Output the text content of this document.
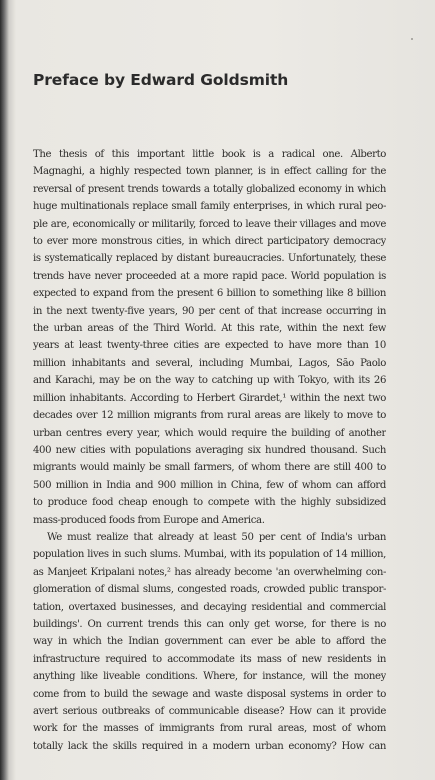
Preface by Edward Goldsmith
The thesis of this important little book is a radical one. Alberto
Magnaghi, a highly respected town planner, is in effect calling for the
reversal of present trends towards a totally globalized economy in which
huge multinationals replace small family enterprises, in which rural peo-
ple are, economically or militarily, forced to leave their villages and move
to ever more monstrous cities, in which direct participatory democracy
is systematically replaced by distant bureaucracies. Unfortunately, these
trends have never proceeded at a more rapid pace. World population is
expected to expand from the present 6 billion to something like 8 billion
in the next twenty-five years, 90 per cent of that increase occurring in
the urban areas of the Third World. At this rate, within the next few
years at least twenty-three cities are expected to have more than 10
million inhabitants and several, including Mumbai, Lagos, São Paolo
and Karachi, may be on the way to catching up with Tokyo, with its 26
million inhabitants. According to Herbert Girardet,¹ within the next two
decades over 12 million migrants from rural areas are likely to move to
urban centres every year, which would require the building of another
400 new cities with populations averaging six hundred thousand. Such
migrants would mainly be small farmers, of whom there are still 400 to
500 million in India and 900 million in China, few of whom can afford
to produce food cheap enough to compete with the highly subsidized
mass-produced foods from Europe and America.
We must realize that already at least 50 per cent of India's urban
population lives in such slums. Mumbai, with its population of 14 million,
as Manjeet Kripalani notes,² has already become 'an overwhelming con-
glomeration of dismal slums, congested roads, crowded public transpor-
tation, overtaxed businesses, and decaying residential and commercial
buildings'. On current trends this can only get worse, for there is no
way in which the Indian government can ever be able to afford the
infrastructure required to accommodate its mass of new residents in
anything like liveable conditions. Where, for instance, will the money
come from to build the sewage and waste disposal systems in order to
avert serious outbreaks of communicable disease? How can it provide
work for the masses of immigrants from rural areas, most of whom
totally lack the skills required in a modern urban economy? How can
